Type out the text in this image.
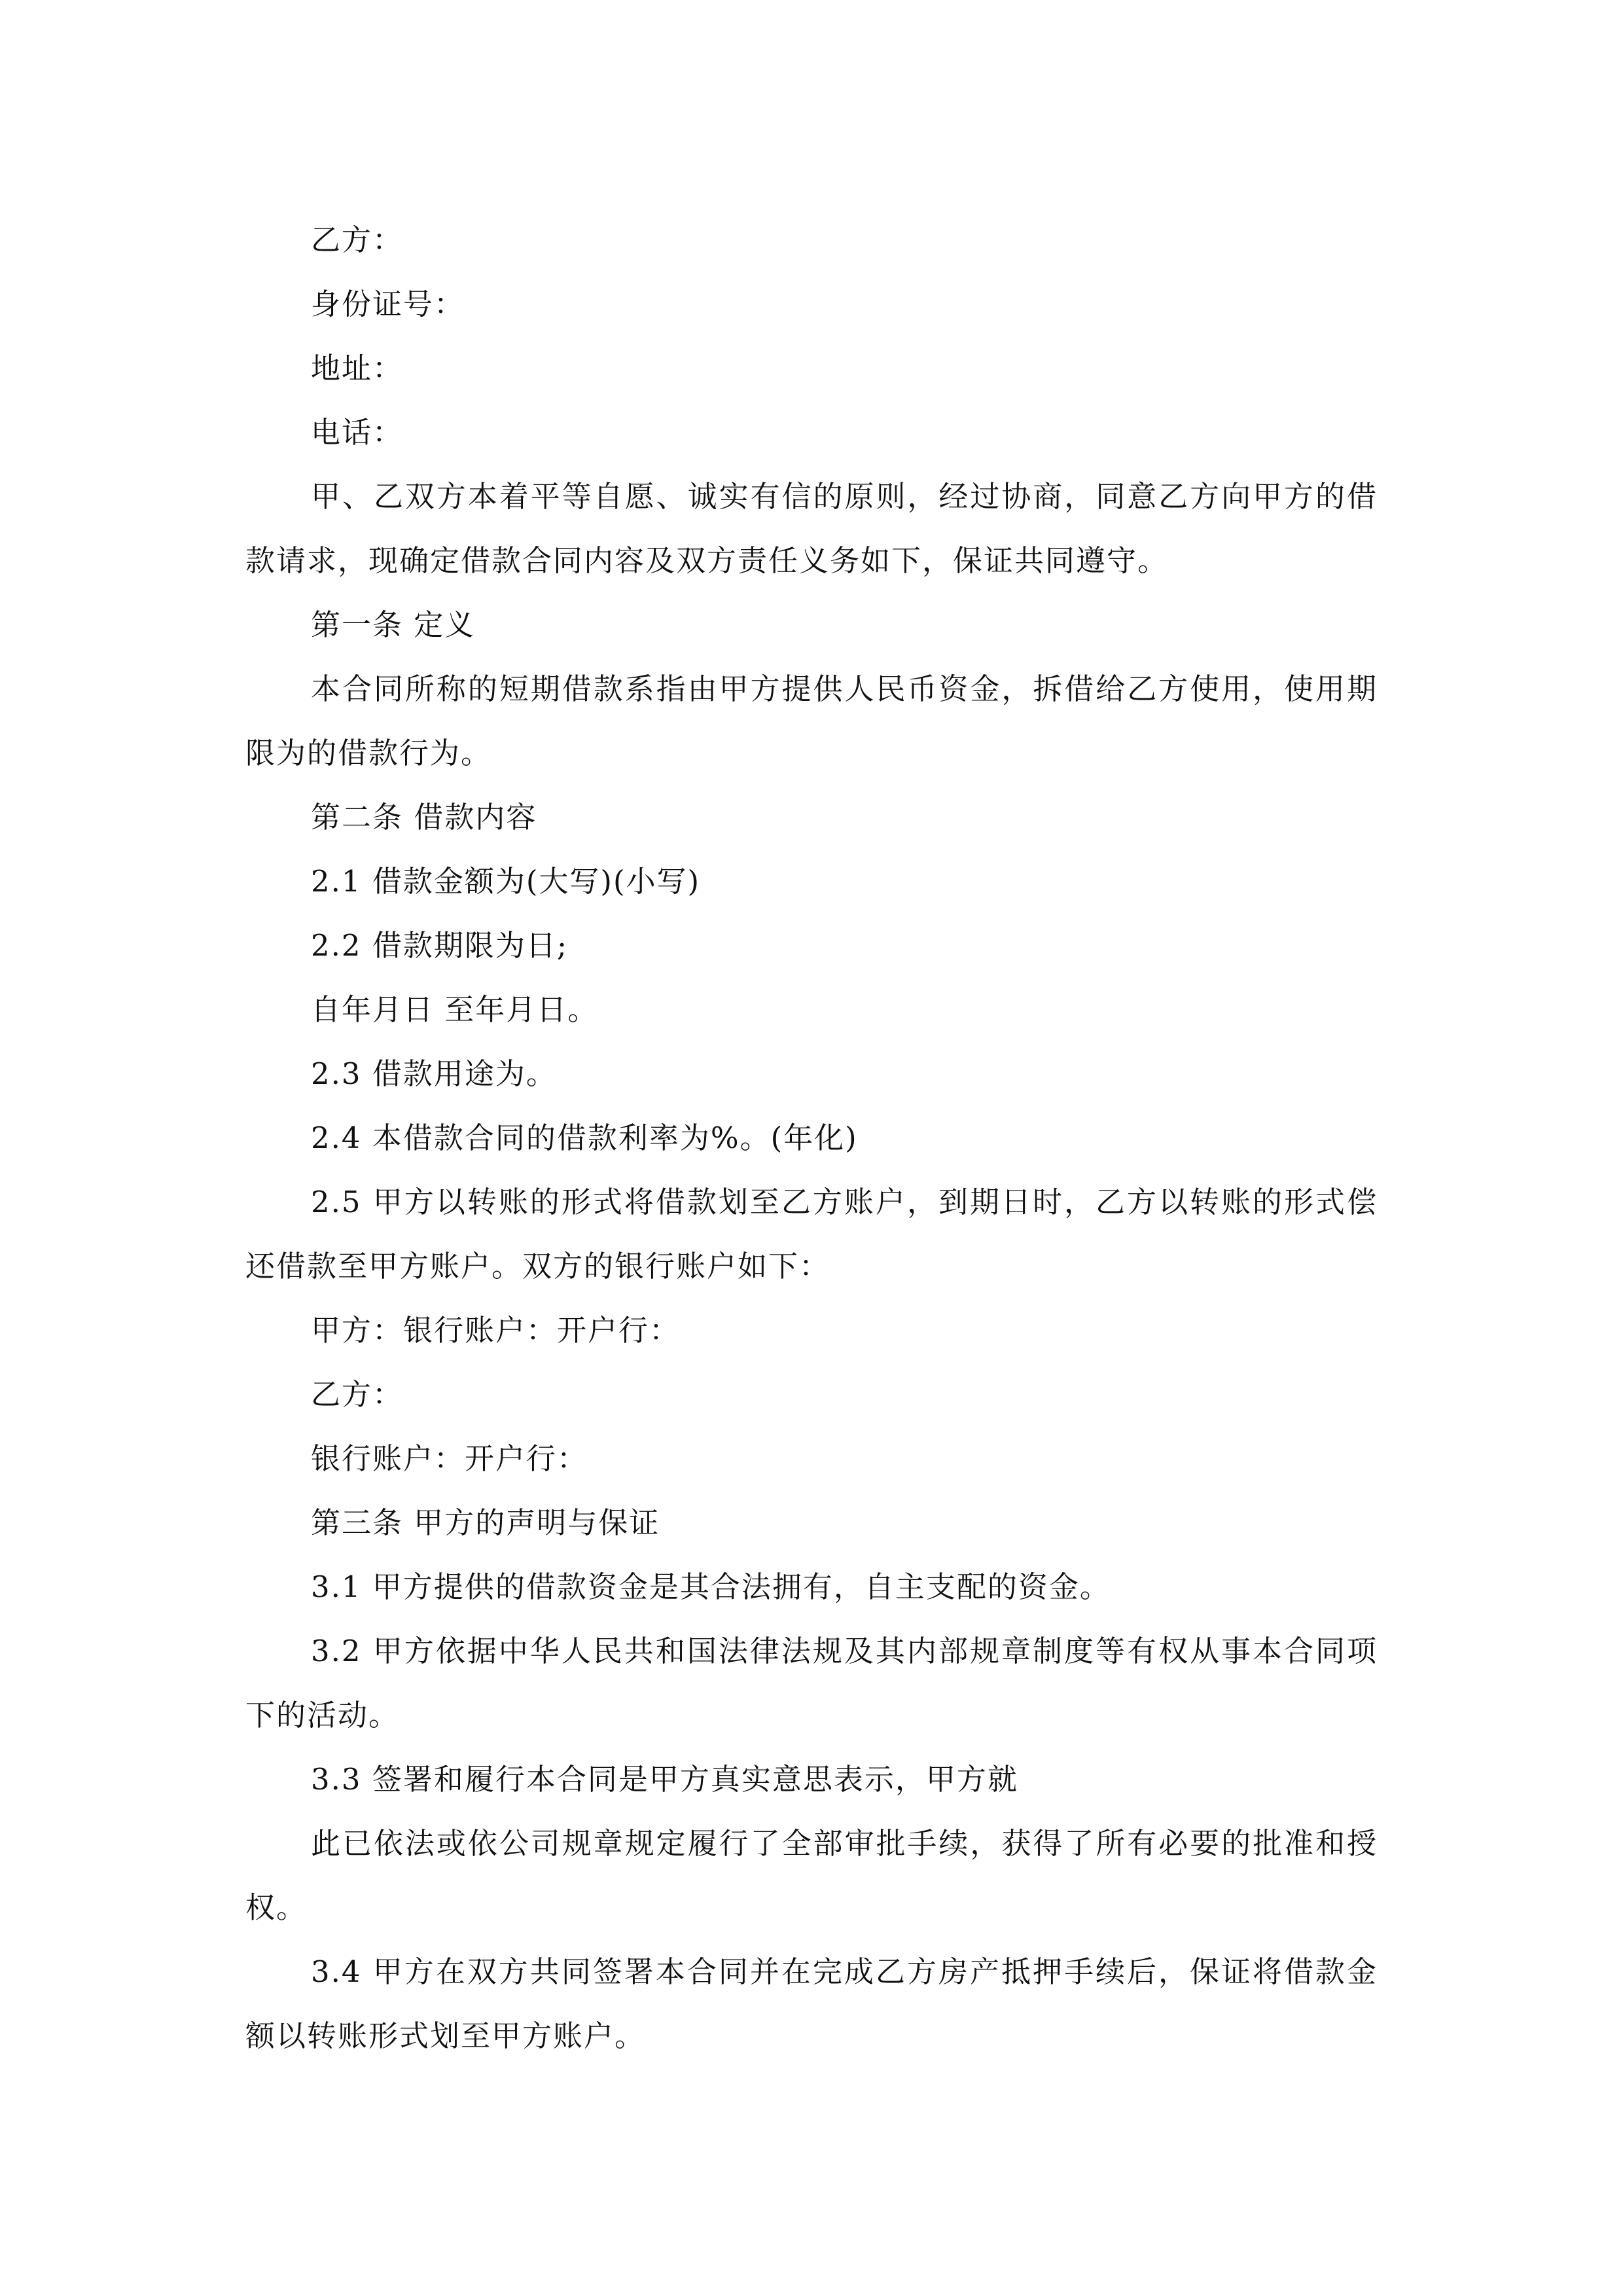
乙方：

身份证号：

地址：

电话：

甲、乙双方本着平等自愿、诚实有信的原则，经过协商，同意乙方向甲方的借款请求，现确定借款合同内容及双方责任义务如下，保证共同遵守。

第一条 定义

本合同所称的短期借款系指由甲方提供人民币资金，拆借给乙方使用，使用期限为的借款行为。

第二条 借款内容

2.1 借款金额为(大写)(小写)

2.2 借款期限为日;

自年月日 至年月日。

2.3 借款用途为。

2.4 本借款合同的借款利率为%。(年化)

2.5 甲方以转账的形式将借款划至乙方账户，到期日时，乙方以转账的形式偿还借款至甲方账户。双方的银行账户如下：

甲方：银行账户：开户行：

乙方：

银行账户：开户行：

第三条 甲方的声明与保证

3.1 甲方提供的借款资金是其合法拥有，自主支配的资金。

3.2 甲方依据中华人民共和国法律法规及其内部规章制度等有权从事本合同项下的活动。

3.3 签署和履行本合同是甲方真实意思表示，甲方就

此已依法或依公司规章规定履行了全部审批手续，获得了所有必要的批准和授权。

3.4 甲方在双方共同签署本合同并在完成乙方房产抵押手续后，保证将借款金额以转账形式划至甲方账户。
